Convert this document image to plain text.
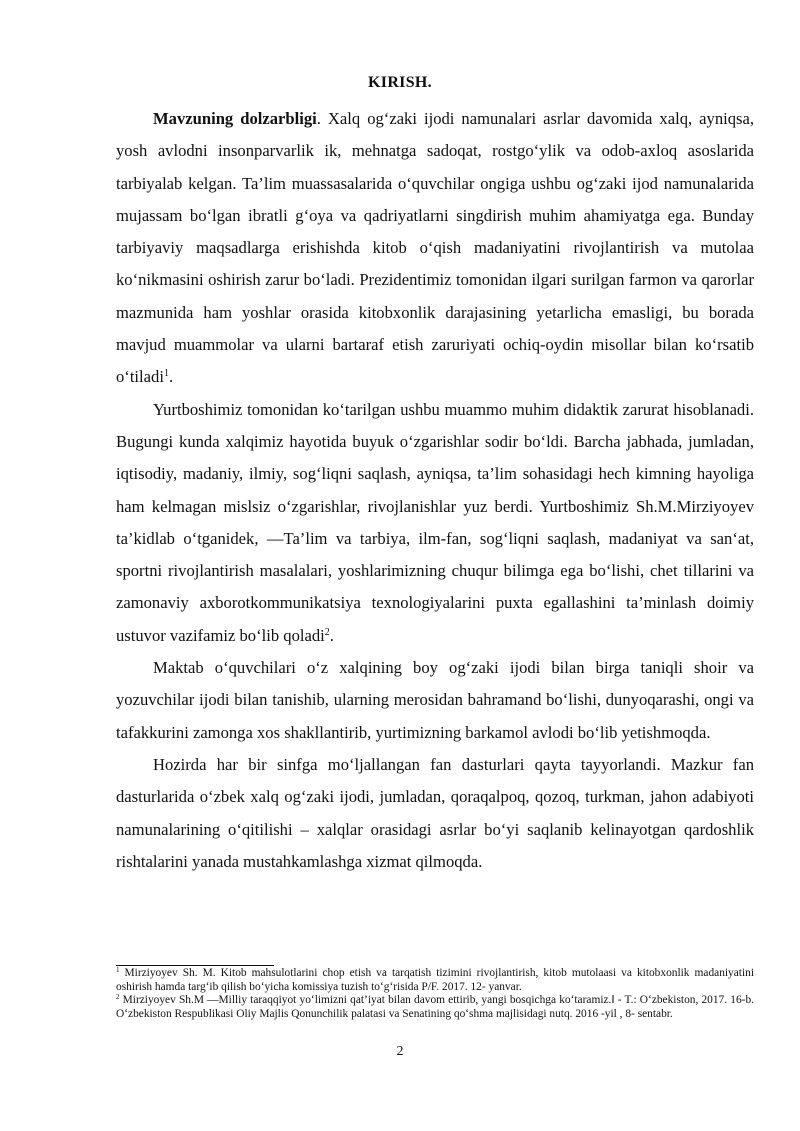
KIRISH.

Mavzuning dolzarbligi. Xalq og‘zaki ijodi namunalari asrlar davomida xalq, ayniqsa, yosh avlodni insonparvarlik ik, mehnatga sadoqat, rostgo‘ylik va odob-axloq asoslarida tarbiyalab kelgan. Ta’lim muassasalarida o‘quvchilar ongiga ushbu og‘zaki ijod namunalarida mujassam bo‘lgan ibratli g‘oya va qadriyatlarni singdirish muhim ahamiyatga ega. Bunday tarbiyaviy maqsadlarga erishishda kitob o‘qish madaniyatini rivojlantirish va mutolaa ko‘nikmasini oshirish zarur bo‘ladi. Prezidentimiz tomonidan ilgari surilgan farmon va qarorlar mazmunida ham yoshlar orasida kitobxonlik darajasining yetarlicha emasligi, bu borada mavjud muammolar va ularni bartaraf etish zaruriyati ochiq-oydin misollar bilan ko‘rsatib o‘tiladi$^1$.

Yurtboshimiz tomonidan ko‘tarilgan ushbu muammo muhim didaktik zarurat hisoblanadi. Bugungi kunda xalqimiz hayotida buyuk o‘zgarishlar sodir bo‘ldi. Barcha jabhada, jumladan, iqtisodiy, madaniy, ilmiy, sog‘liqni saqlash, ayniqsa, ta’lim sohasidagi hech kimning hayoliga ham kelmagan mislsiz o‘zgarishlar, rivojlanishlar yuz berdi. Yurtboshimiz Sh.M.Mirziyoyev ta’kidlab o‘tganidek, ―Ta’lim va tarbiya, ilm-fan, sog‘liqni saqlash, madaniyat va san‘at, sportni rivojlantirish masalalari, yoshlarimizning chuqur bilimga ega bo‘lishi, chet tillarini va zamonaviy axborotkommunikatsiya texnologiyalarini puxta egallashini ta’minlash doimiy ustuvor vazifamiz bo‘lib qoladi$^2$.

Maktab o‘quvchilari o‘z xalqining boy og‘zaki ijodi bilan birga taniqli shoir va yozuvchilar ijodi bilan tanishib, ularning merosidan bahramand bo‘lishi, dunyoqarashi, ongi va tafakkurini zamonga xos shakllantirib, yurtimizning barkamol avlodi bo‘lib yetishmoqda.

Hozirda har bir sinfga mo‘ljallangan fan dasturlari qayta tayyorlandi. Mazkur fan dasturlarida o‘zbek xalq og‘zaki ijodi, jumladan, qoraqalpoq, qozoq, turkman, jahon adabiyoti namunalarining o‘qitilishi – xalqlar orasidagi asrlar bo‘yi saqlanib kelinayotgan qardoshlik rishtalarini yanada mustahkamlashga xizmat qilmoqda.

$^1$ Mirziyoyev Sh. M. Kitob mahsulotlarini chop etish va tarqatish tizimini rivojlantirish, kitob mutolaasi va kitobxonlik madaniyatini oshirish hamda targ‘ib qilish bo‘yicha komissiya tuzish to‘g‘risida P/F. 2017. 12- yanvar.

$^2$ Mirziyoyev Sh.M ―Milliy taraqqiyot yo‘limizni qat’iyat bilan davom ettirib, yangi bosqichga ko‘taramiz.‖ - T.: O‘zbekiston, 2017. 16-b. O‘zbekiston Respublikasi Oliy Majlis Qonunchilik palatasi va Senatining qo‘shma majlisidagi nutq. 2016 -yil , 8- sentabr.

2
